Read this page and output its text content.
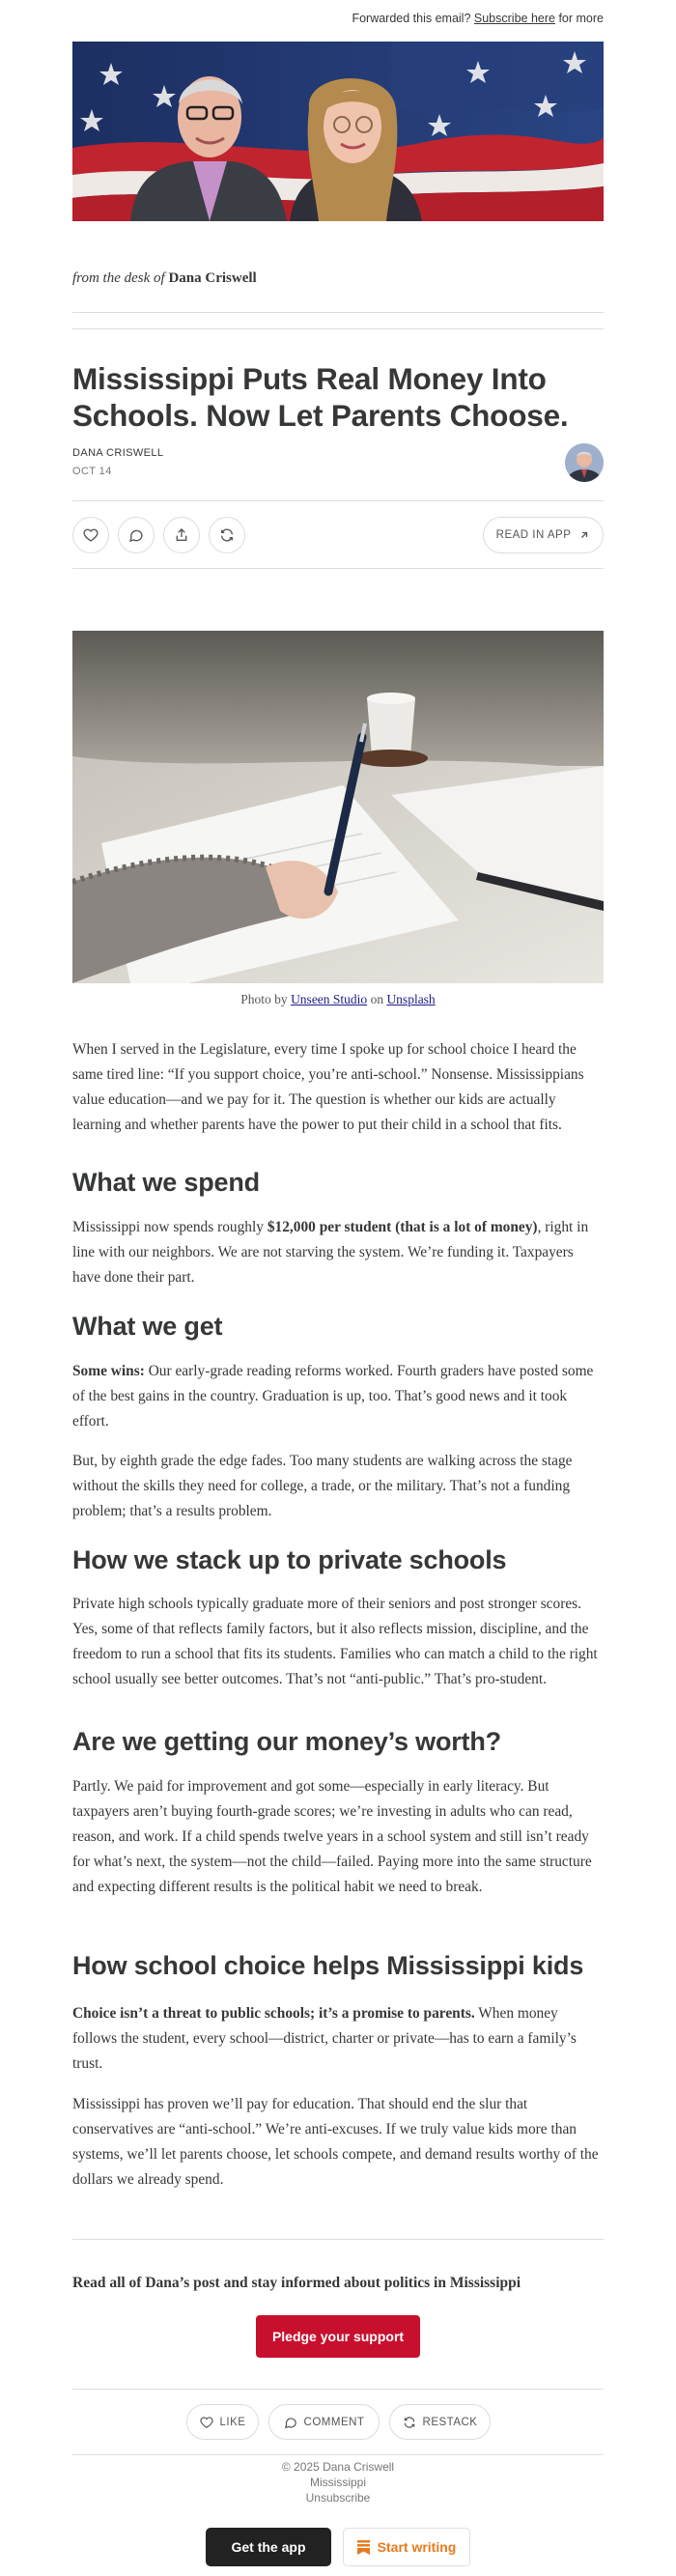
Forwarded this email? Subscribe here for more
from the desk of Dana Criswell
Mississippi Puts Real Money Into Schools. Now Let Parents Choose.
DANA CRISWELL
OCT 14
READ IN APP
Photo by Unseen Studio on Unsplash

When I served in the Legislature, every time I spoke up for school choice I heard the same tired line: “If you support choice, you’re anti-school.” Nonsense. Mississippians value education—and we pay for it. The question is whether our kids are actually learning and whether parents have the power to put their child in a school that fits.

What we spend

Mississippi now spends roughly $12,000 per student (that is a lot of money), right in line with our neighbors. We are not starving the system. We’re funding it. Taxpayers have done their part.

What we get

Some wins: Our early-grade reading reforms worked. Fourth graders have posted some of the best gains in the country. Graduation is up, too. That’s good news and it took effort.

But, by eighth grade the edge fades. Too many students are walking across the stage without the skills they need for college, a trade, or the military. That’s not a funding problem; that’s a results problem.

How we stack up to private schools

Private high schools typically graduate more of their seniors and post stronger scores. Yes, some of that reflects family factors, but it also reflects mission, discipline, and the freedom to run a school that fits its students. Families who can match a child to the right school usually see better outcomes. That’s not “anti-public.” That’s pro-student.

Are we getting our money’s worth?

Partly. We paid for improvement and got some—especially in early literacy. But taxpayers aren’t buying fourth-grade scores; we’re investing in adults who can read, reason, and work. If a child spends twelve years in a school system and still isn’t ready for what’s next, the system—not the child—failed. Paying more into the same structure and expecting different results is the political habit we need to break.

How school choice helps Mississippi kids

Choice isn’t a threat to public schools; it’s a promise to parents. When money follows the student, every school—district, charter or private—has to earn a family’s trust.

Mississippi has proven we’ll pay for education. That should end the slur that conservatives are “anti-school.” We’re anti-excuses. If we truly value kids more than systems, we’ll let parents choose, let schools compete, and demand results worthy of the dollars we already spend.

Read all of Dana’s post and stay informed about politics in Mississippi
Pledge your support
LIKE	COMMENT	RESTACK
© 2025 Dana Criswell
Mississippi
Unsubscribe
Get the app	Start writing
